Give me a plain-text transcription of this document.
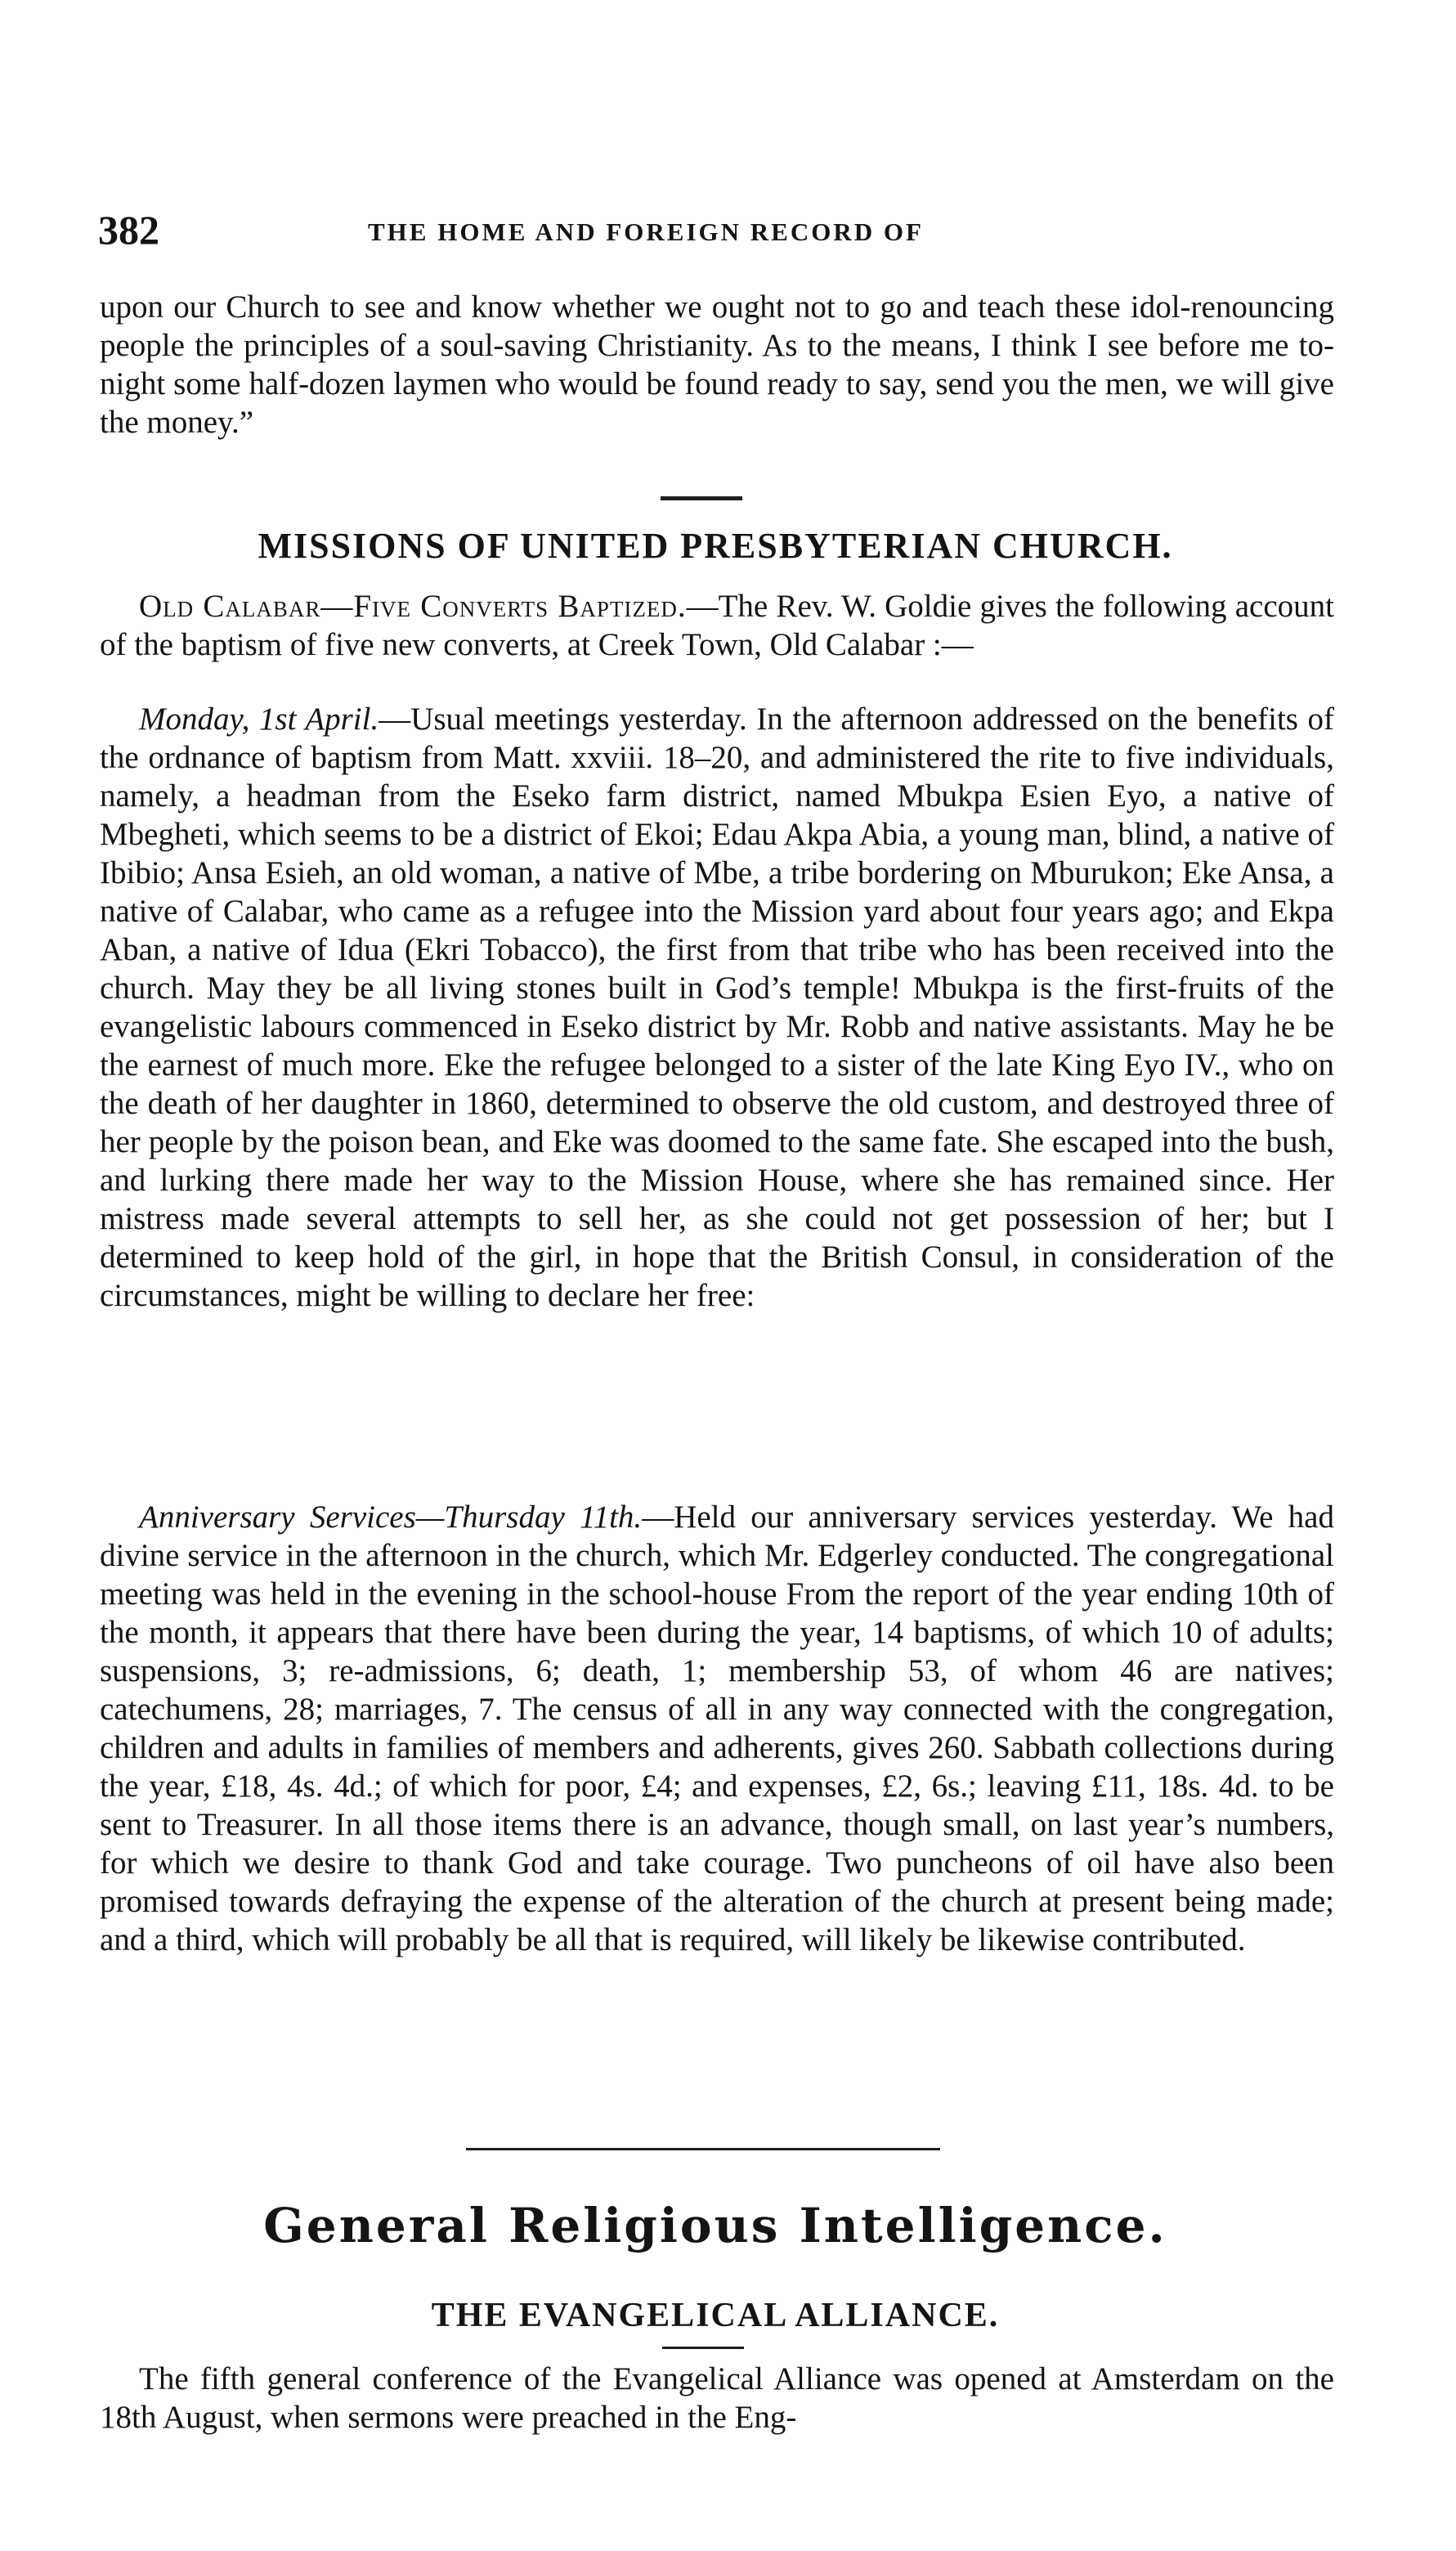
382	THE HOME AND FOREIGN RECORD OF

upon our Church to see and know whether we ought not to go and teach these idol-renouncing people the principles of a soul-saving Christianity. As to the means, I think I see before me to-night some half-dozen laymen who would be found ready to say, send you the men, we will give the money.”

MISSIONS OF UNITED PRESBYTERIAN CHURCH.

Old Calabar—Five Converts Baptized.—The Rev. W. Goldie gives the following account of the baptism of five new converts, at Creek Town, Old Calabar :—

Monday, 1st April.—Usual meetings yesterday. In the afternoon addressed on the benefits of the ordnance of baptism from Matt. xxviii. 18–20, and administered the rite to five individuals, namely, a headman from the Eseko farm district, named Mbukpa Esien Eyo, a native of Mbegheti, which seems to be a district of Ekoi; Edau Akpa Abia, a young man, blind, a native of Ibibio; Ansa Esieh, an old woman, a native of Mbe, a tribe bordering on Mburukon; Eke Ansa, a native of Calabar, who came as a refugee into the Mission yard about four years ago; and Ekpa Aban, a native of Idua (Ekri Tobacco), the first from that tribe who has been received into the church. May they be all living stones built in God’s temple! Mbukpa is the first-fruits of the evangelistic labours commenced in Eseko district by Mr. Robb and native assistants. May he be the earnest of much more. Eke the refugee belonged to a sister of the late King Eyo IV., who on the death of her daughter in 1860, determined to observe the old custom, and destroyed three of her people by the poison bean, and Eke was doomed to the same fate. She escaped into the bush, and lurking there made her way to the Mission House, where she has remained since. Her mistress made several attempts to sell her, as she could not get possession of her; but I determined to keep hold of the girl, in hope that the British Consul, in consideration of the circumstances, might be willing to declare her free:

Anniversary Services—Thursday 11th.—Held our anniversary services yesterday. We had divine service in the afternoon in the church, which Mr. Edgerley conducted. The congregational meeting was held in the evening in the school-house From the report of the year ending 10th of the month, it appears that there have been during the year, 14 baptisms, of which 10 of adults; suspensions, 3; re-admissions, 6; death, 1; membership 53, of whom 46 are natives; catechumens, 28; marriages, 7. The census of all in any way connected with the congregation, children and adults in families of members and adherents, gives 260. Sabbath collections during the year, £18, 4s. 4d.; of which for poor, £4; and expenses, £2, 6s.; leaving £11, 18s. 4d. to be sent to Treasurer. In all those items there is an advance, though small, on last year’s numbers, for which we desire to thank God and take courage. Two puncheons of oil have also been promised towards defraying the expense of the alteration of the church at present being made; and a third, which will probably be all that is required, will likely be likewise contributed.

General Religious Intelligence.
THE EVANGELICAL ALLIANCE.

The fifth general conference of the Evangelical Alliance was opened at Amsterdam on the 18th August, when sermons were preached in the Eng-
